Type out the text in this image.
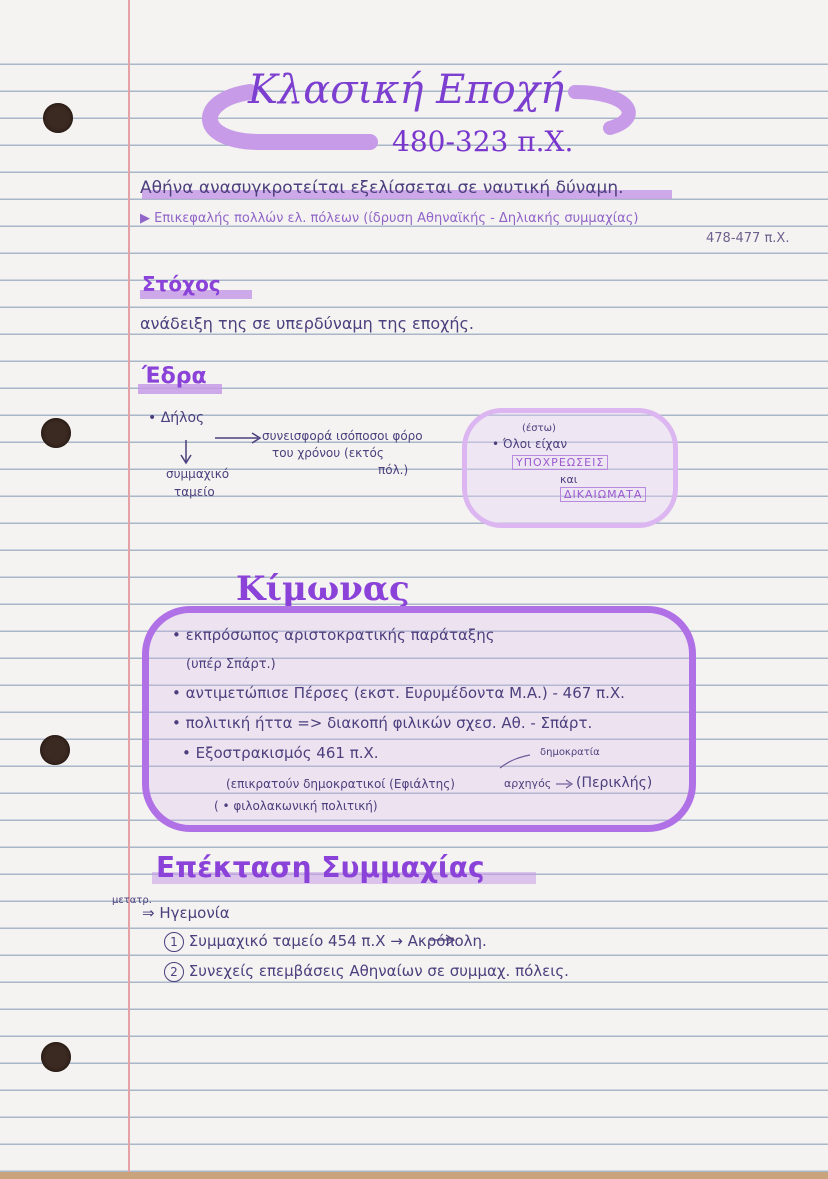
Κλασική Εποχή
480-323 π.Χ.
Αθήνα ανασυγκροτείται εξελίσσεται σε ναυτική δύναμη.
▶ Επικεφαλής πολλών ελ. πόλεων (ίδρυση Αθηναϊκής - Δηλιακής συμμαχίας)
478-477 π.Χ.
Στόχος
ανάδειξη της σε υπερδύναμη της εποχής.
Έδρα
• Δήλος
συνεισφορά ισόποσοι φόρο
του χρόνου (εκτός
πόλ.)
συμμαχικό
ταμείο
(έστω)
• Όλοι είχαν
ΥΠΟΧΡΕΩΣΕΙΣ
και
ΔΙΚΑΙΩΜΑΤΑ
Κίμωνας
• εκπρόσωπος αριστοκρατικής παράταξης
(υπέρ Σπάρτ.)
• αντιμετώπισε Πέρσες (εκστ. Ευρυμέδοντα Μ.Α.) - 467 π.Χ.
• πολιτική ήττα => διακοπή φιλικών σχεσ. Αθ. - Σπάρτ.
• Εξοστρακισμός 461 π.Χ.
(επικρατούν δημοκρατικοί (Εφιάλτης)
δημοκρατία
αρχηγός (Περικλής)
( • φιλολακωνική πολιτική)
Επέκταση Συμμαχίας
μετατρ.
⇒ Ηγεμονία
1 Συμμαχικό ταμείο 454 π.Χ → Ακρόπολη.
2 Συνεχείς επεμβάσεις Αθηναίων σε συμμαχ. πόλεις.
